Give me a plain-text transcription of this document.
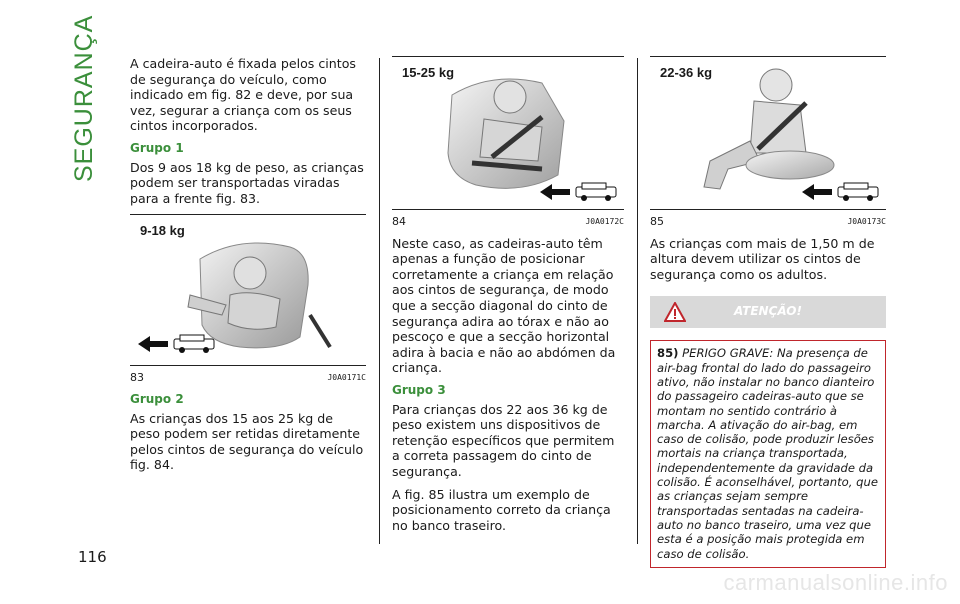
SEGURANÇA
116

A cadeira-auto é fixada pelos cintos de segurança do veículo, como indicado em fig. 82 e deve, por sua vez, segurar a criança com os seus cintos incorporados.

Grupo 1

Dos 9 aos 18 kg de peso, as crianças podem ser transportadas viradas para a frente fig. 83.

9-18 kg
83	J0A0171C
Grupo 2

As crianças dos 15 aos 25 kg de peso podem ser retidas diretamente pelos cintos de segurança do veículo fig. 84.

15-25 kg
84	J0A0172C

Neste caso, as cadeiras-auto têm apenas a função de posicionar corretamente a criança em relação aos cintos de segurança, de modo que a secção diagonal do cinto de segurança adira ao tórax e não ao pescoço e que a secção horizontal adira à bacia e não ao abdómen da criança.

Grupo 3

Para crianças dos 22 aos 36 kg de peso existem uns dispositivos de retenção específicos que permitem a correta passagem do cinto de segurança.

A fig. 85 ilustra um exemplo de posicionamento correto da criança no banco traseiro.

22-36 kg
85	J0A0173C

As crianças com mais de 1,50 m de altura devem utilizar os cintos de segurança como os adultos.

ATENÇÃO!
85) PERIGO GRAVE: Na presença de air-bag frontal do lado do passageiro ativo, não instalar no banco dianteiro do passageiro cadeiras-auto que se montam no sentido contrário à marcha. A ativação do air-bag, em caso de colisão, pode produzir lesões mortais na criança transportada, independentemente da gravidade da colisão. É aconselhável, portanto, que as crianças sejam sempre transportadas sentadas na cadeira-auto no banco traseiro, uma vez que esta é a posição mais protegida em caso de colisão.
carmanualsonline.info
